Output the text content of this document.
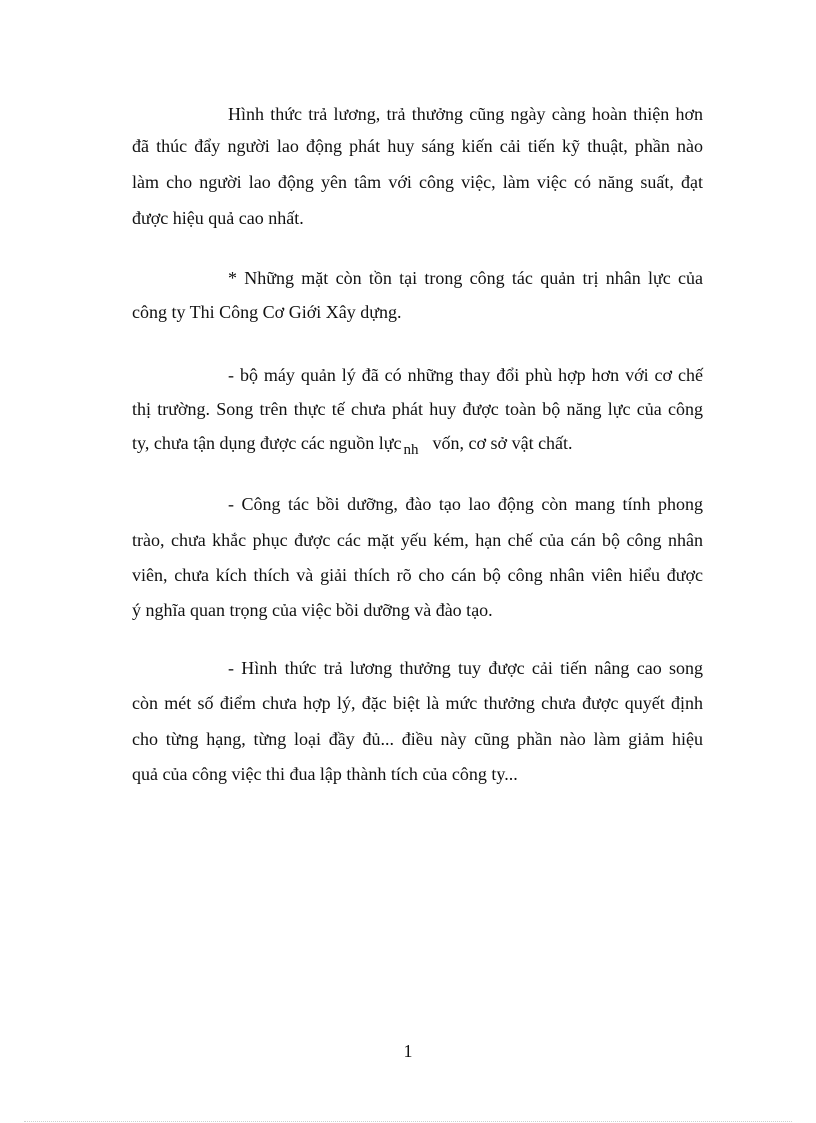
Hình thức trả lương, trả thưởng cũng ngày càng hoàn thiện hơn
đã thúc đẩy người lao động phát huy sáng kiến cải tiến kỹ thuật, phần nào
làm cho người lao động yên tâm với công việc, làm việc có năng suất, đạt
được hiệu quả cao nhất.
* Những mặt còn tồn tại trong công tác quản trị nhân lực của
công ty Thi Công Cơ Giới Xây dựng.
- bộ máy quản lý đã có những thay đổi phù hợp hơn với cơ chế
thị trường. Song trên thực tế chưa phát huy được toàn bộ năng lực của công
ty, chưa tận dụng được các nguồn lực $_{nh}$ vốn, cơ sở vật chất.
- Công tác bồi dưỡng, đào tạo lao động còn mang tính phong
trào, chưa khắc phục được các mặt yếu kém, hạn chế của cán bộ công nhân
viên, chưa kích thích và giải thích rõ cho cán bộ công nhân viên hiểu được
ý nghĩa quan trọng của việc bồi dưỡng và đào tạo.
- Hình thức trả lương thưởng tuy được cải tiến nâng cao song
còn mét số điểm chưa hợp lý, đặc biệt là mức thưởng chưa được quyết định
cho từng hạng, từng loại đầy đủ... điều này cũng phần nào làm giảm hiệu
quả của công việc thi đua lập thành tích của công ty...
1
